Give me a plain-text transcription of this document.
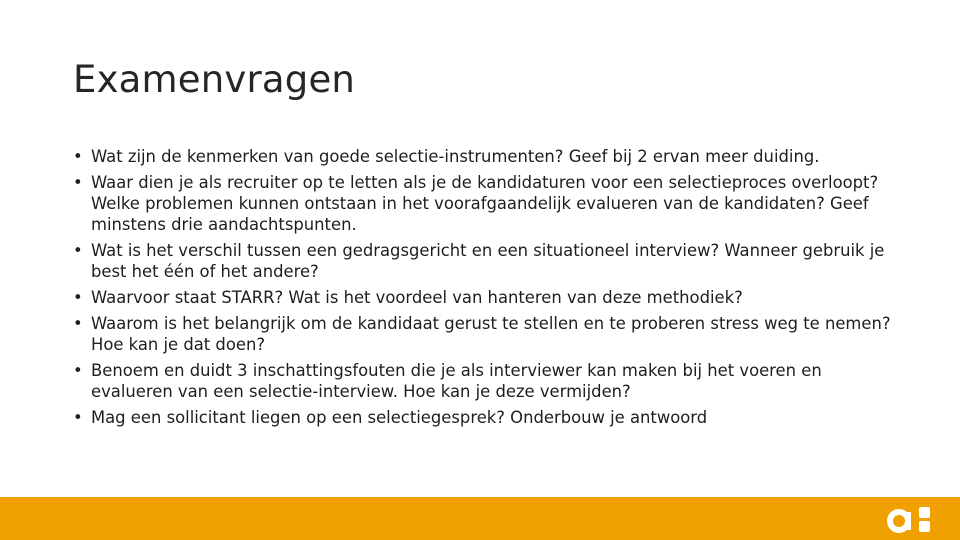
Examenvragen
• Wat zijn de kenmerken van goede selectie-instrumenten? Geef bij 2 ervan meer duiding.
• Waar dien je als recruiter op te letten als je de kandidaturen voor een selectieproces overloopt? Welke problemen kunnen ontstaan in het voorafgaandelijk evalueren van de kandidaten? Geef minstens drie aandachtspunten.
• Wat is het verschil tussen een gedragsgericht en een situationeel interview? Wanneer gebruik je best het één of het andere?
• Waarvoor staat STARR? Wat is het voordeel van hanteren van deze methodiek?
• Waarom is het belangrijk om de kandidaat gerust te stellen en te proberen stress weg te nemen? Hoe kan je dat doen?
• Benoem en duidt 3 inschattingsfouten die je als interviewer kan maken bij het voeren en evalueren van een selectie-interview. Hoe kan je deze vermijden?
• Mag een sollicitant liegen op een selectiegesprek? Onderbouw je antwoord
